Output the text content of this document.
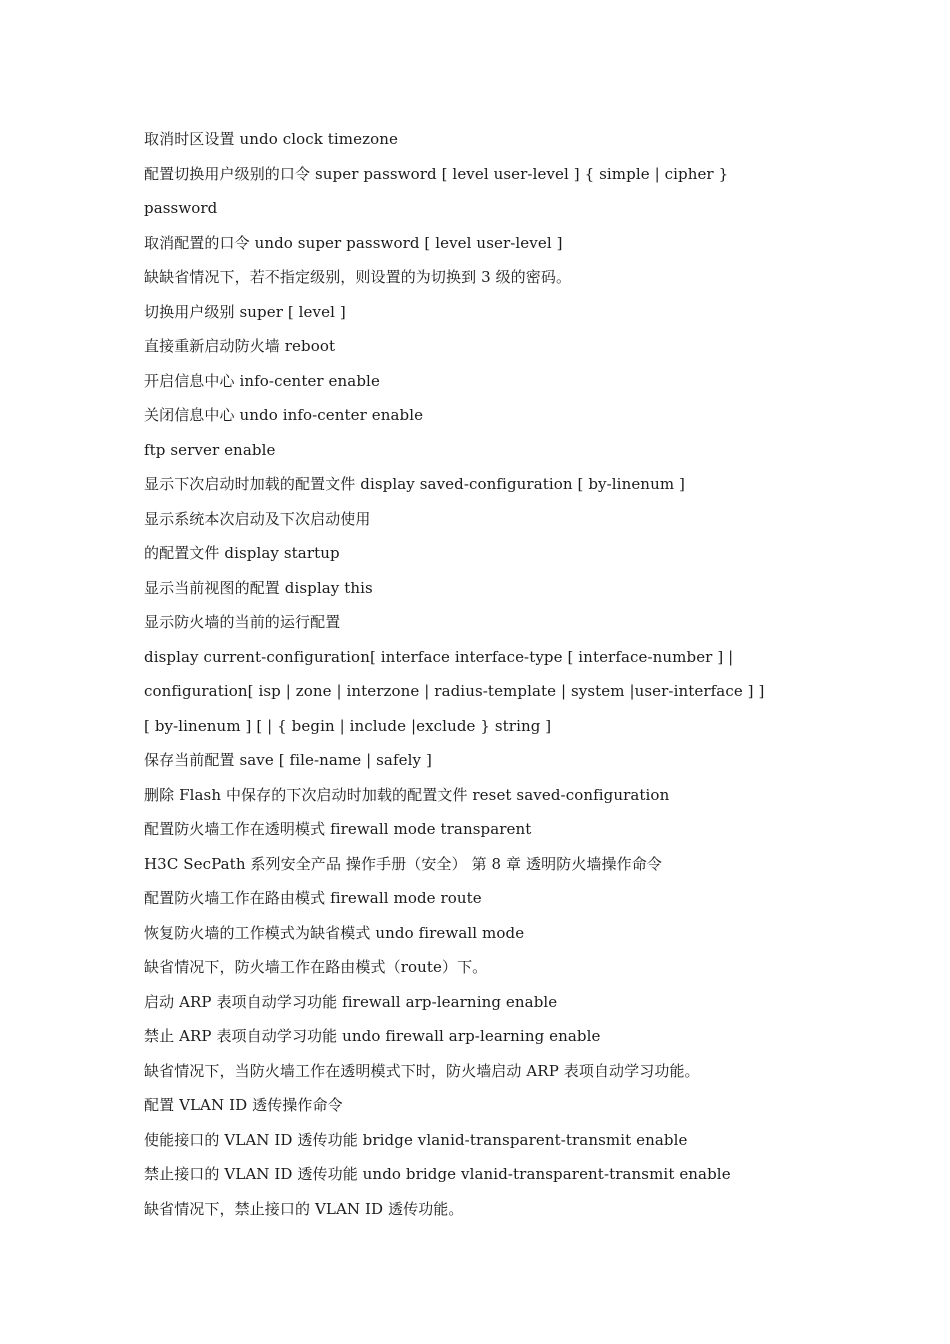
取消时区设置 undo clock timezone
配置切换用户级别的口令 super password [ level user-level ] { simple | cipher }
password
取消配置的口令 undo super password [ level user-level ]
缺缺省情况下，若不指定级别，则设置的为切换到 3 级的密码。
切换用户级别 super [ level ]
直接重新启动防火墙 reboot
开启信息中心 info-center enable
关闭信息中心 undo info-center enable
ftp server enable
显示下次启动时加载的配置文件 display saved-configuration [ by-linenum ]
显示系统本次启动及下次启动使用
的配置文件 display startup
显示当前视图的配置 display this
显示防火墙的当前的运行配置
display current-configuration[ interface interface-type [ interface-number ] |
configuration[ isp | zone | interzone | radius-template | system |user-interface ] ]
[ by-linenum ] [ | { begin | include |exclude } string ]
保存当前配置 save [ file-name | safely ]
删除 Flash 中保存的下次启动时加载的配置文件 reset saved-configuration
配置防火墙工作在透明模式 firewall mode transparent
H3C SecPath 系列安全产品 操作手册（安全） 第 8 章 透明防火墙操作命令
配置防火墙工作在路由模式 firewall mode route
恢复防火墙的工作模式为缺省模式 undo firewall mode
缺省情况下，防火墙工作在路由模式（route）下。
启动 ARP 表项自动学习功能 firewall arp-learning enable
禁止 ARP 表项自动学习功能 undo firewall arp-learning enable
缺省情况下，当防火墙工作在透明模式下时，防火墙启动 ARP 表项自动学习功能。
配置 VLAN ID 透传操作命令
使能接口的 VLAN ID 透传功能 bridge vlanid-transparent-transmit enable
禁止接口的 VLAN ID 透传功能 undo bridge vlanid-transparent-transmit enable
缺省情况下，禁止接口的 VLAN ID 透传功能。
